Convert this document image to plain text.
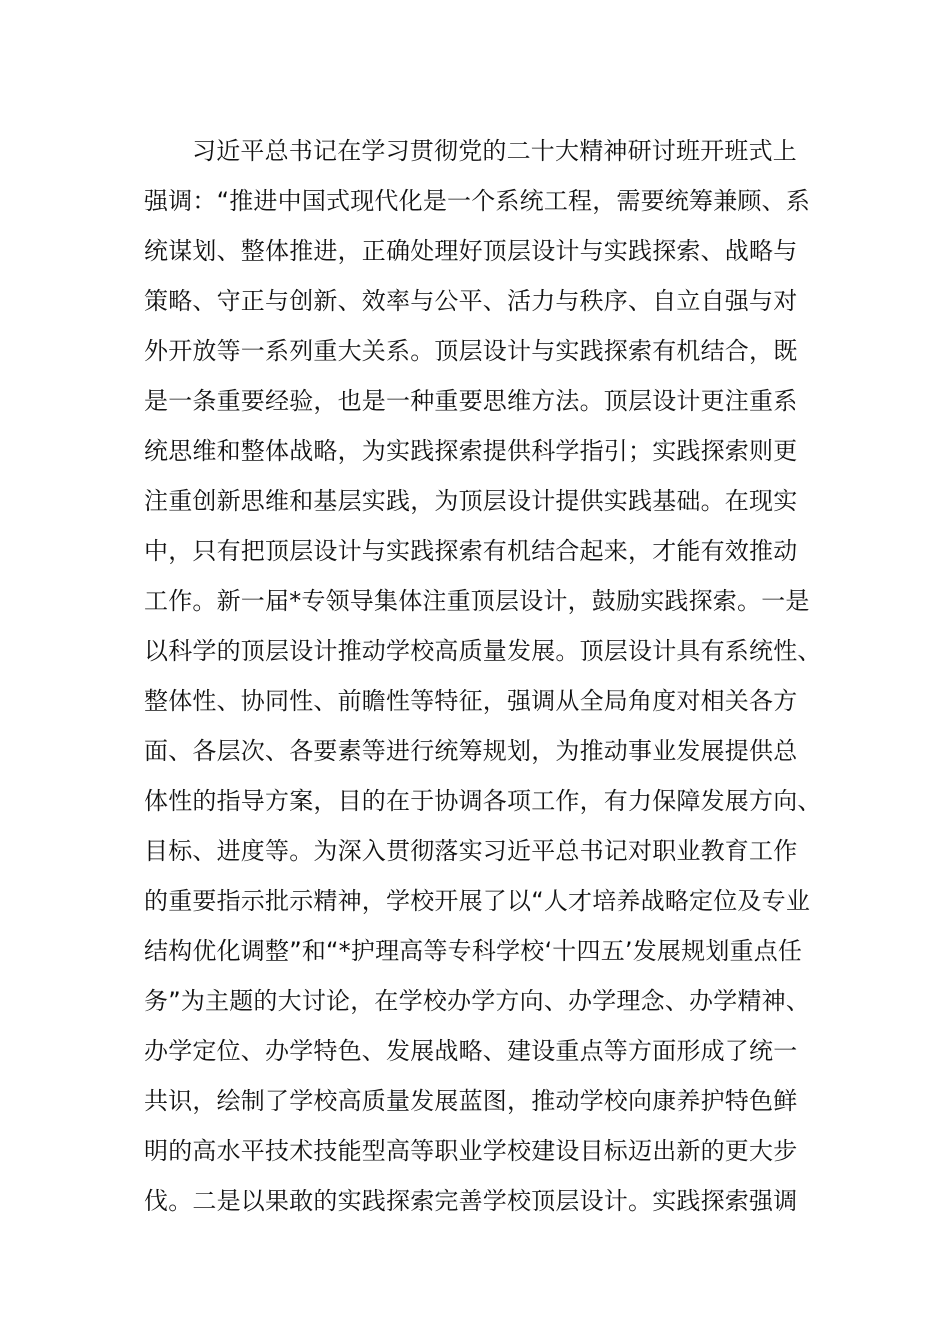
习近平总书记在学习贯彻党的二十大精神研讨班开班式上
强调：“推进中国式现代化是一个系统工程，需要统筹兼顾、系
统谋划、整体推进，正确处理好顶层设计与实践探索、战略与
策略、守正与创新、效率与公平、活力与秩序、自立自强与对
外开放等一系列重大关系。顶层设计与实践探索有机结合，既
是一条重要经验，也是一种重要思维方法。顶层设计更注重系
统思维和整体战略，为实践探索提供科学指引；实践探索则更
注重创新思维和基层实践，为顶层设计提供实践基础。在现实
中，只有把顶层设计与实践探索有机结合起来，才能有效推动
工作。新一届*专领导集体注重顶层设计，鼓励实践探索。一是
以科学的顶层设计推动学校高质量发展。顶层设计具有系统性、
整体性、协同性、前瞻性等特征，强调从全局角度对相关各方
面、各层次、各要素等进行统筹规划，为推动事业发展提供总
体性的指导方案，目的在于协调各项工作，有力保障发展方向、
目标、进度等。为深入贯彻落实习近平总书记对职业教育工作
的重要指示批示精神，学校开展了以“人才培养战略定位及专业
结构优化调整”和“*护理高等专科学校‘十四五’发展规划重点任
务”为主题的大讨论，在学校办学方向、办学理念、办学精神、
办学定位、办学特色、发展战略、建设重点等方面形成了统一
共识，绘制了学校高质量发展蓝图，推动学校向康养护特色鲜
明的高水平技术技能型高等职业学校建设目标迈出新的更大步
伐。二是以果敢的实践探索完善学校顶层设计。实践探索强调
